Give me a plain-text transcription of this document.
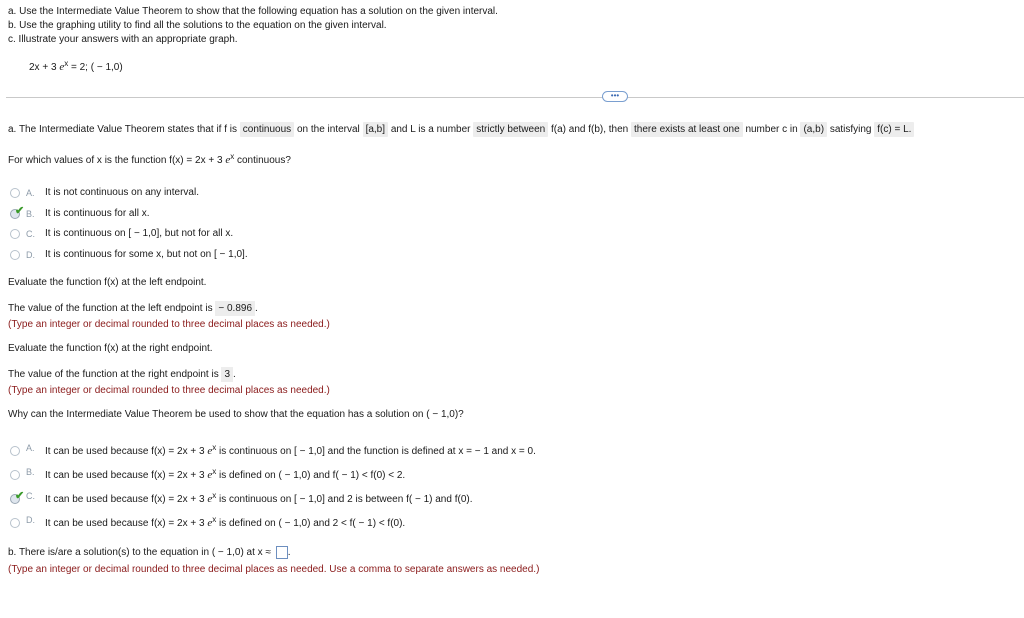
a. Use the Intermediate Value Theorem to show that the following equation has a solution on the given interval.
b. Use the graphing utility to find all the solutions to the equation on the given interval.
c. Illustrate your answers with an appropriate graph.
2x + 3 $e^x = 2$; ( − 1,0)
•••
a. The Intermediate Value Theorem states that if f is continuous on the interval [a,b] and L is a number strictly between f(a) and f(b), then there exists at least one number c in (a,b) satisfying f(c) = L.
For which values of x is the function f(x) = 2x + 3 $e^x$ continuous?
A. It is not continuous on any interval.
✔ B. It is continuous for all x.
C. It is continuous on [ − 1,0], but not for all x.
D. It is continuous for some x, but not on [ − 1,0].
Evaluate the function f(x) at the left endpoint.
The value of the function at the left endpoint is − 0.896 .
(Type an integer or decimal rounded to three decimal places as needed.)
Evaluate the function f(x) at the right endpoint.
The value of the function at the right endpoint is 3 .
(Type an integer or decimal rounded to three decimal places as needed.)
Why can the Intermediate Value Theorem be used to show that the equation has a solution on ( − 1,0)?
A. It can be used because f(x) = 2x + 3 $e^x$ is continuous on [ − 1,0] and the function is defined at x = − 1 and x = 0.
B. It can be used because f(x) = 2x + 3 $e^x$ is defined on ( − 1,0) and f( − 1) < f(0) < 2.
✔ C. It can be used because f(x) = 2x + 3 $e^x$ is continuous on [ − 1,0] and 2 is between f( − 1) and f(0).
D. It can be used because f(x) = 2x + 3 $e^x$ is defined on ( − 1,0) and 2 < f( − 1) < f(0).
b. There is/are a solution(s) to the equation in ( − 1,0) at x ≈ .
(Type an integer or decimal rounded to three decimal places as needed. Use a comma to separate answers as needed.)
